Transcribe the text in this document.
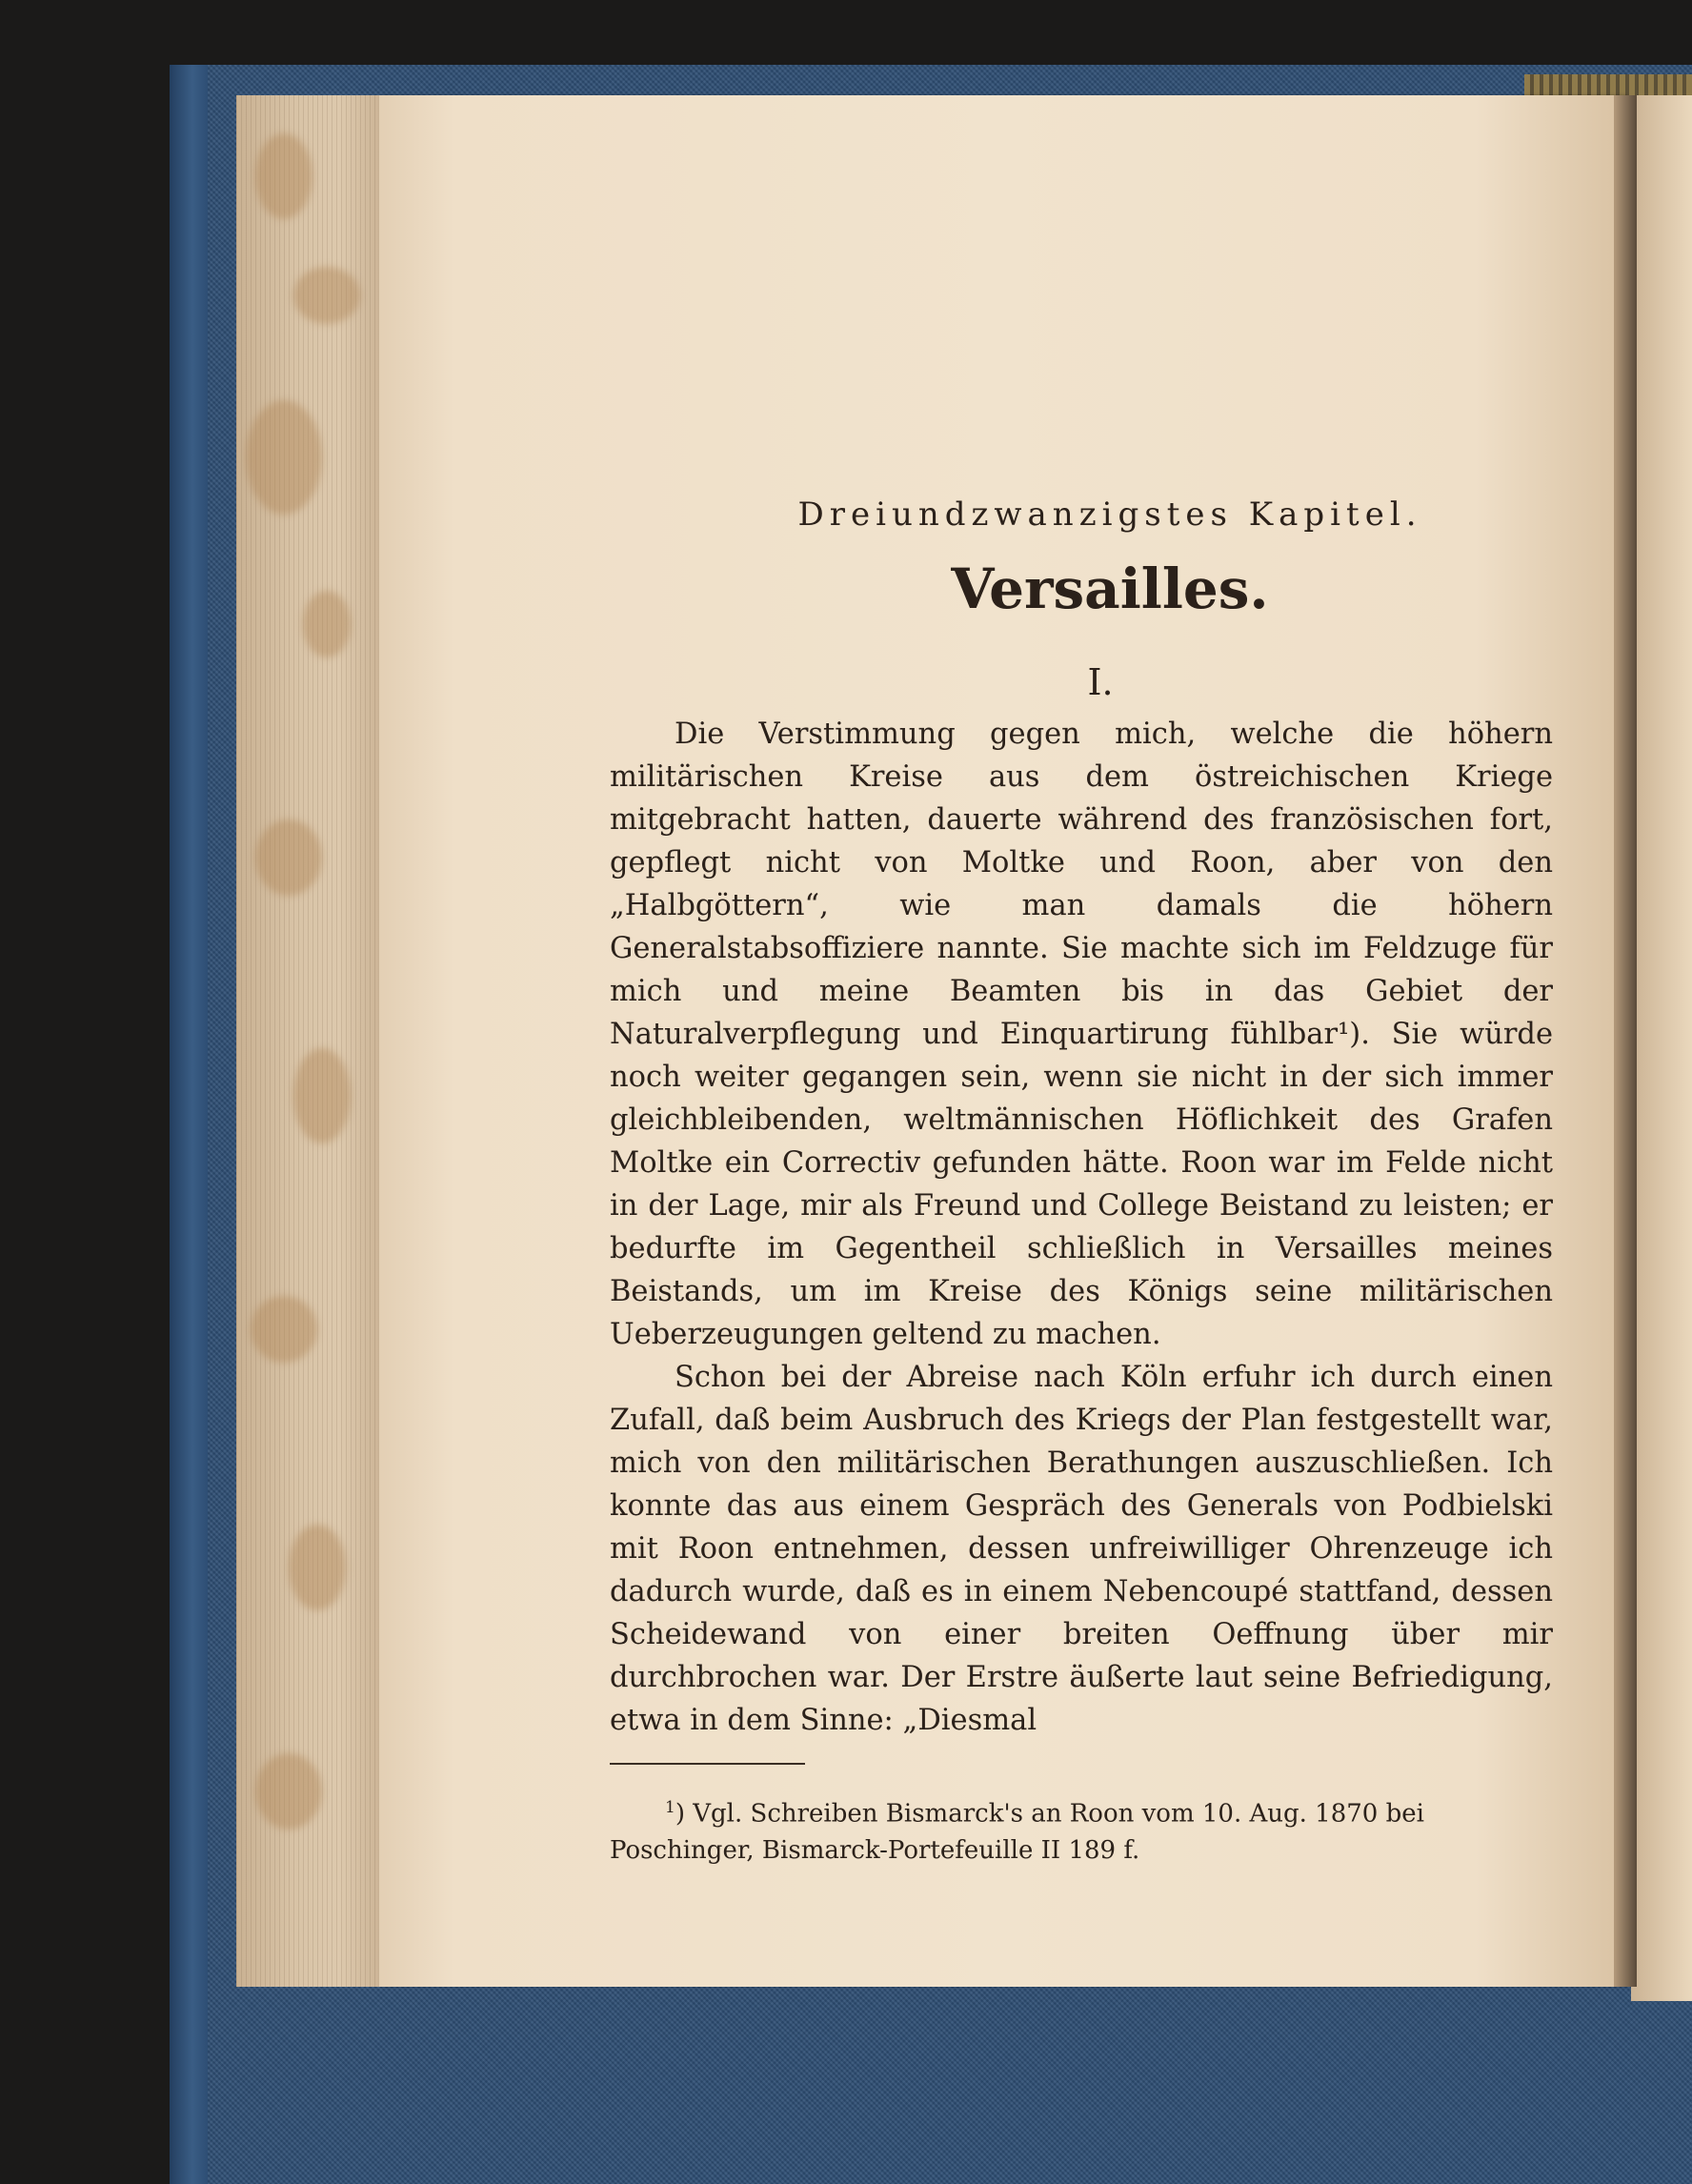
Dreiundzwanzigstes Kapitel.
Versailles.
I.

Die Verstimmung gegen mich, welche die höhern militärischen Kreise aus dem östreichischen Kriege mitgebracht hatten, dauerte während des französischen fort, gepflegt nicht von Moltke und Roon, aber von den „Halbgöttern“, wie man damals die höhern Generalstabsoffiziere nannte. Sie machte sich im Feldzuge für mich und meine Beamten bis in das Gebiet der Naturalverpflegung und Einquartirung fühlbar¹). Sie würde noch weiter gegangen sein, wenn sie nicht in der sich immer gleichbleibenden, weltmännischen Höflichkeit des Grafen Moltke ein Correctiv gefunden hätte. Roon war im Felde nicht in der Lage, mir als Freund und College Beistand zu leisten; er bedurfte im Gegentheil schließlich in Versailles meines Beistands, um im Kreise des Königs seine militärischen Ueberzeugungen geltend zu machen.

Schon bei der Abreise nach Köln erfuhr ich durch einen Zufall, daß beim Ausbruch des Kriegs der Plan festgestellt war, mich von den militärischen Berathungen auszuschließen. Ich konnte das aus einem Gespräch des Generals von Podbielski mit Roon entnehmen, dessen unfreiwilliger Ohrenzeuge ich dadurch wurde, daß es in einem Nebencoupé stattfand, dessen Scheidewand von einer breiten Oeffnung über mir durchbrochen war. Der Erstre äußerte laut seine Befriedigung, etwa in dem Sinne: „Diesmal

$^1$) Vgl. Schreiben Bismarck's an Roon vom 10. Aug. 1870 bei Poschinger, Bismarck-Portefeuille II 189 f.
